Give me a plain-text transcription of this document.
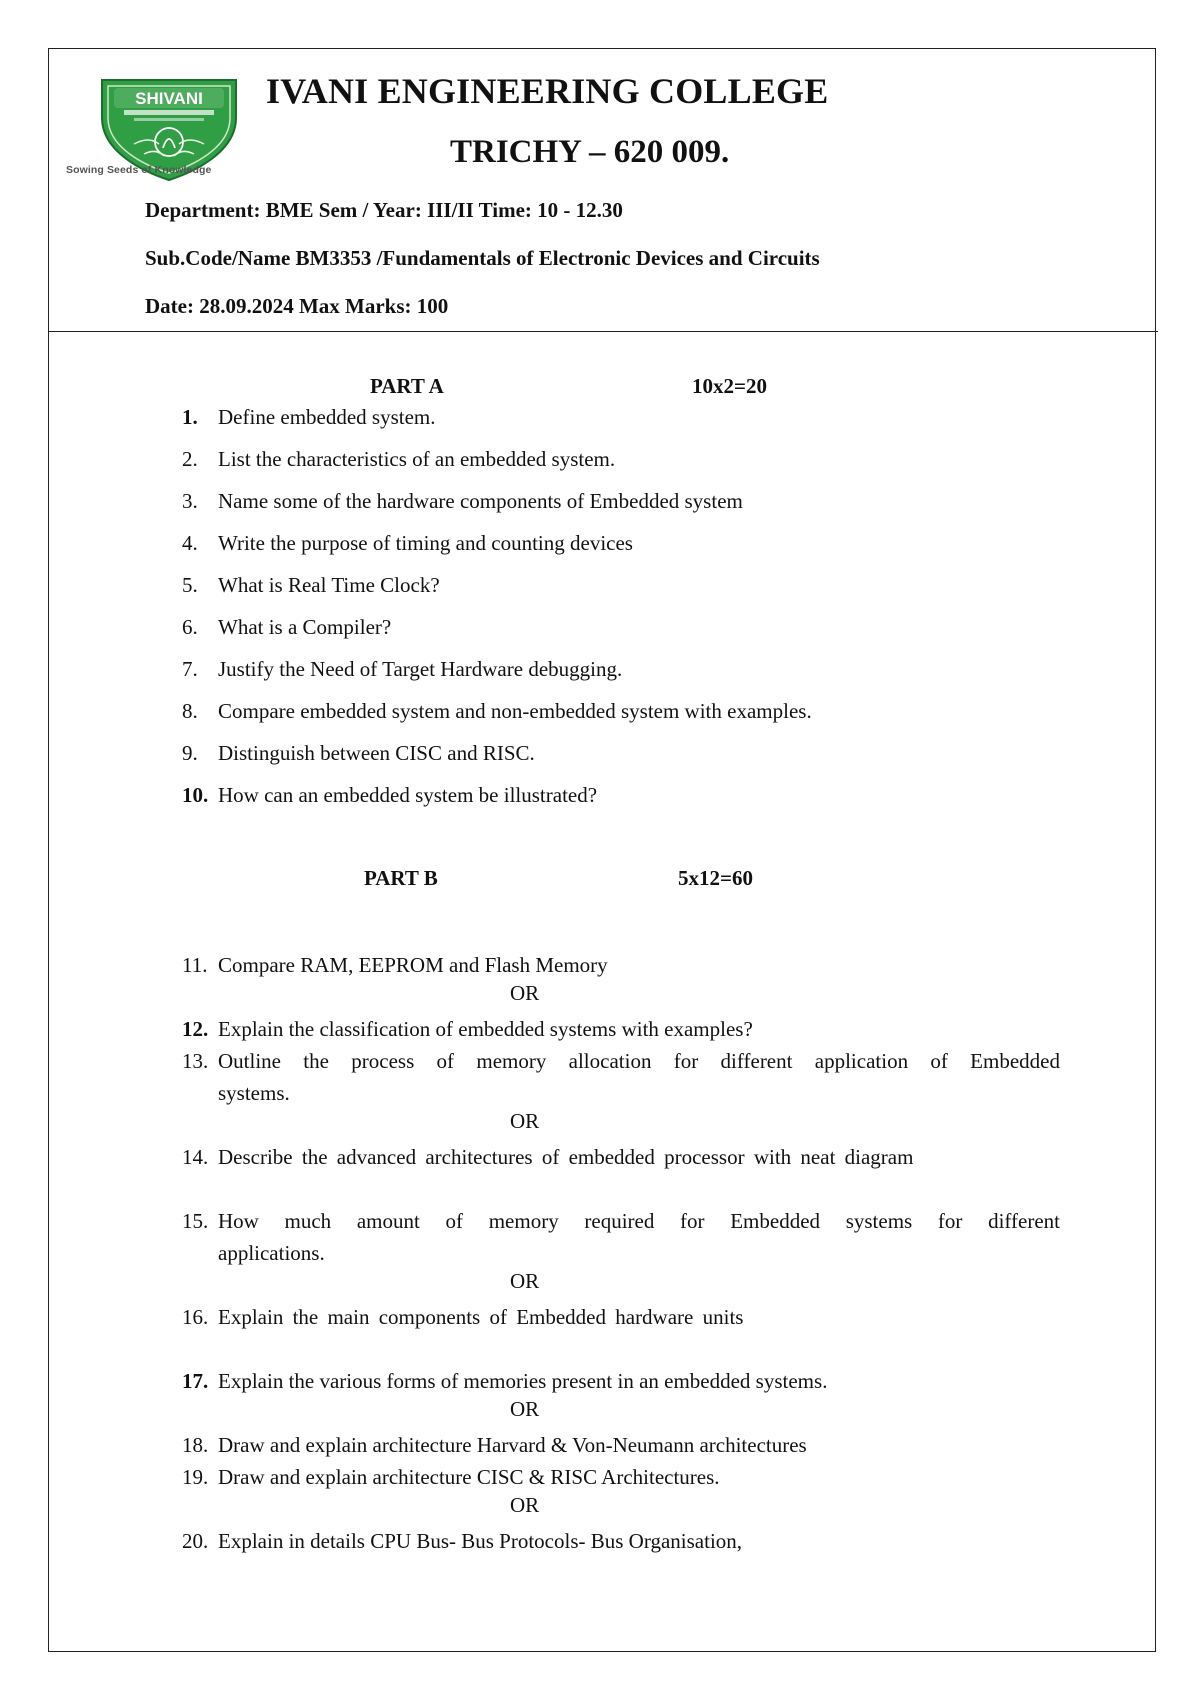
SHIVANI
Sowing Seeds of Knowledge
IVANI ENGINEERING COLLEGE
TRICHY – 620 009.
Department: BME Sem / Year: III/II Time: 10 - 12.30
Sub.Code/Name BM3353 /Fundamentals of Electronic Devices and Circuits
Date: 28.09.2024 Max Marks: 100
PART A	10x2=20
1. Define embedded system.
2. List the characteristics of an embedded system.
3. Name some of the hardware components of Embedded system
4. Write the purpose of timing and counting devices
5. What is Real Time Clock?
6. What is a Compiler?
7. Justify the Need of Target Hardware debugging.
8. Compare embedded system and non-embedded system with examples.
9. Distinguish between CISC and RISC.
10. How can an embedded system be illustrated?
PART B	5x12=60
11. Compare RAM, EEPROM and Flash Memory
OR
12. Explain the classification of embedded systems with examples?
13. Outline the process of memory allocation for different application of Embedded
systems.
OR
14. Describe the advanced architectures of embedded processor with neat diagram
15. How much amount of memory required for Embedded systems for different
applications.
OR
16. Explain the main components of Embedded hardware units
17. Explain the various forms of memories present in an embedded systems.
OR
18. Draw and explain architecture Harvard & Von-Neumann architectures
19. Draw and explain architecture CISC & RISC Architectures.
OR
20. Explain in details CPU Bus- Bus Protocols- Bus Organisation,
